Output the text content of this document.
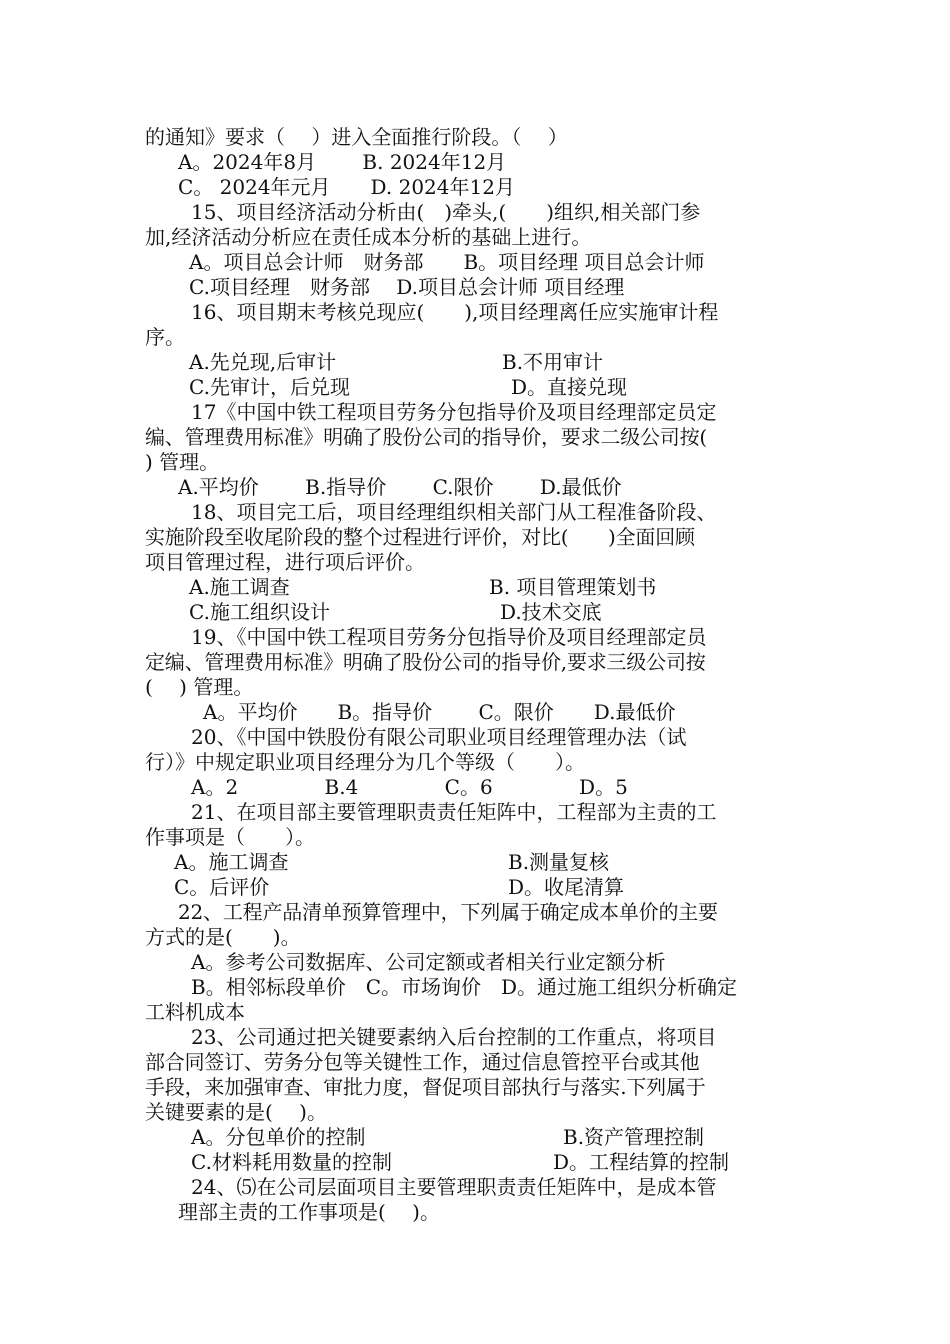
的通知》要求（　 ）进入全面推行阶段。（　 ）
A。2024年8月　　 B. 2024年12月
C。 2024年元月　　D. 2024年12月
15、项目经济活动分析由(　)牵头,(　　)组织,相关部门参
加,经济活动分析应在责任成本分析的基础上进行。
A。项目总会计师　财务部　　B。项目经理 项目总会计师
C.项目经理　财务部　 D.项目总会计师 项目经理
16、项目期末考核兑现应(　　),项目经理离任应实施审计程
序。
A.先兑现,后审计	B.不用审计
C.先审计，后兑现	D。直接兑现
17《中国中铁工程项目劳务分包指导价及项目经理部定员定
编、管理费用标准》明确了股份公司的指导价，要求二级公司按(
) 管理。
A.平均价　　 B.指导价　　 C.限价　　 D.最低价
18、项目完工后，项目经理组织相关部门从工程准备阶段、
实施阶段至收尾阶段的整个过程进行评价，对比(　　)全面回顾
项目管理过程，进行项后评价。
A.施工调查	B. 项目管理策划书
C.施工组织设计	D.技术交底
19、《中国中铁工程项目劳务分包指导价及项目经理部定员
定编、管理费用标准》明确了股份公司的指导价,要求三级公司按
(　 ) 管理。
A。平均价　　B。指导价　　 C。限价　　D.最低价
20、《中国中铁股份有限公司职业项目经理管理办法（试
行）》中规定职业项目经理分为几个等级（　　）。
A。2　　　　 B.4　　　　 C。6　　　　 D。5
21、在项目部主要管理职责责任矩阵中，工程部为主责的工
作事项是（　　）。
A。施工调查	B.测量复核
C。后评价	D。收尾清算
22、工程产品清单预算管理中，下列属于确定成本单价的主要
方式的是(　　)。
A。参考公司数据库、公司定额或者相关行业定额分析
B。相邻标段单价　C。市场询价　D。通过施工组织分析确定
工料机成本
23、公司通过把关键要素纳入后台控制的工作重点，将项目
部合同签订、劳务分包等关键性工作，通过信息管控平台或其他
手段，来加强审查、审批力度，督促项目部执行与落实.下列属于
关键要素的是(　 )。
A。分包单价的控制	B.资产管理控制
C.材料耗用数量的控制	D。工程结算的控制
24、⑸在公司层面项目主要管理职责责任矩阵中，是成本管
理部主责的工作事项是(　 )。
